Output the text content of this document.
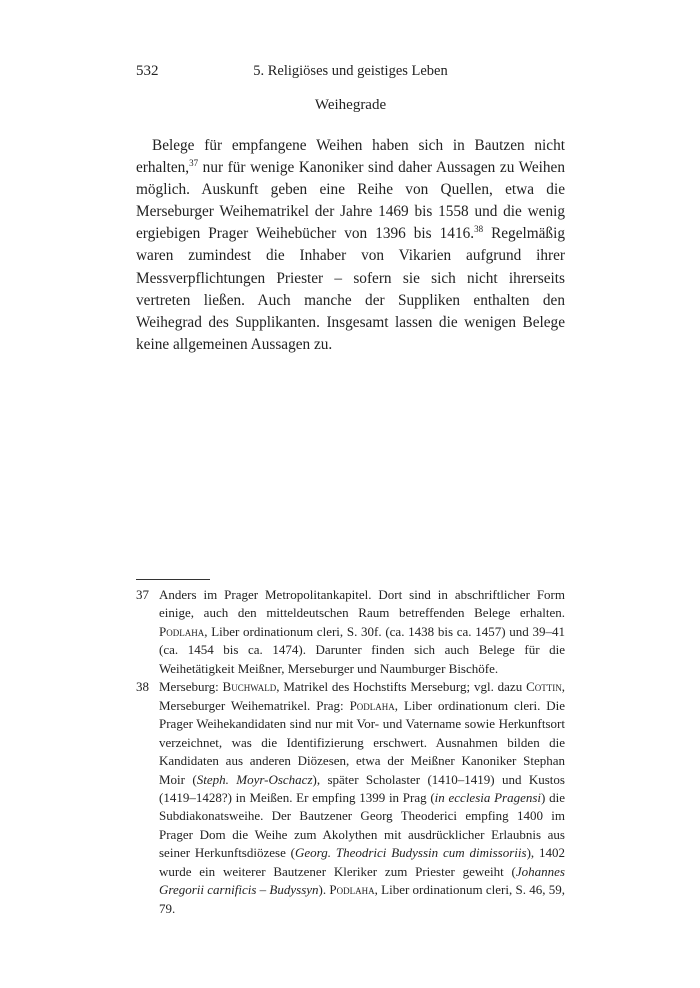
532	5. Religiöses und geistiges Leben
Weihegrade

Belege für empfangene Weihen haben sich in Bautzen nicht erhalten,$^{37}$ nur für wenige Kanoniker sind daher Aussagen zu Weihen möglich. Auskunft geben eine Reihe von Quellen, etwa die Merseburger Weihematrikel der Jahre 1469 bis 1558 und die wenig ergiebigen Prager Weihebücher von 1396 bis 1416.38 Regelmäßig waren zumindest die Inhaber von Vikarien aufgrund ihrer Messverpflichtungen Priester – sofern sie sich nicht ihrerseits vertreten ließen. Auch manche der Suppliken enthalten den Weihegrad des Supplikanten. Insgesamt lassen die wenigen Belege keine allgemeinen Aussagen zu.

37 Anders im Prager Metropolitankapitel. Dort sind in abschriftlicher Form einige, auch den mitteldeutschen Raum betreffenden Belege erhalten. Podlaha, Liber ordinationum cleri, S. 30f. (ca. 1438 bis ca. 1457) und 39–41 (ca. 1454 bis ca. 1474). Darunter finden sich auch Belege für die Weihetätigkeit Meißner, Merseburger und Naumburger Bischöfe.
38 Merseburg: Buchwald, Matrikel des Hochstifts Merseburg; vgl. dazu Cottin, Merseburger Weihematrikel. Prag: Podlaha, Liber ordinationum cleri. Die Prager Weihekandidaten sind nur mit Vor- und Vatername sowie Herkunftsort verzeichnet, was die Identifizierung erschwert. Ausnahmen bilden die Kandidaten aus anderen Diözesen, etwa der Meißner Kanoniker Stephan Moir (Steph. Moyr-Oschacz), später Scholaster (1410–1419) und Kustos (1419–1428?) in Meißen. Er empfing 1399 in Prag (in ecclesia Pragensi) die Subdiakonatsweihe. Der Bautzener Georg Theoderici empfing 1400 im Prager Dom die Weihe zum Akolythen mit ausdrücklicher Erlaubnis aus seiner Herkunftsdiözese (Georg. Theodrici Budyssin cum dimissoriis), 1402 wurde ein weiterer Bautzener Kleriker zum Priester geweiht (Johannes Gregorii carnificis – Budyssyn). Podlaha, Liber ordinationum cleri, S. 46, 59, 79.
